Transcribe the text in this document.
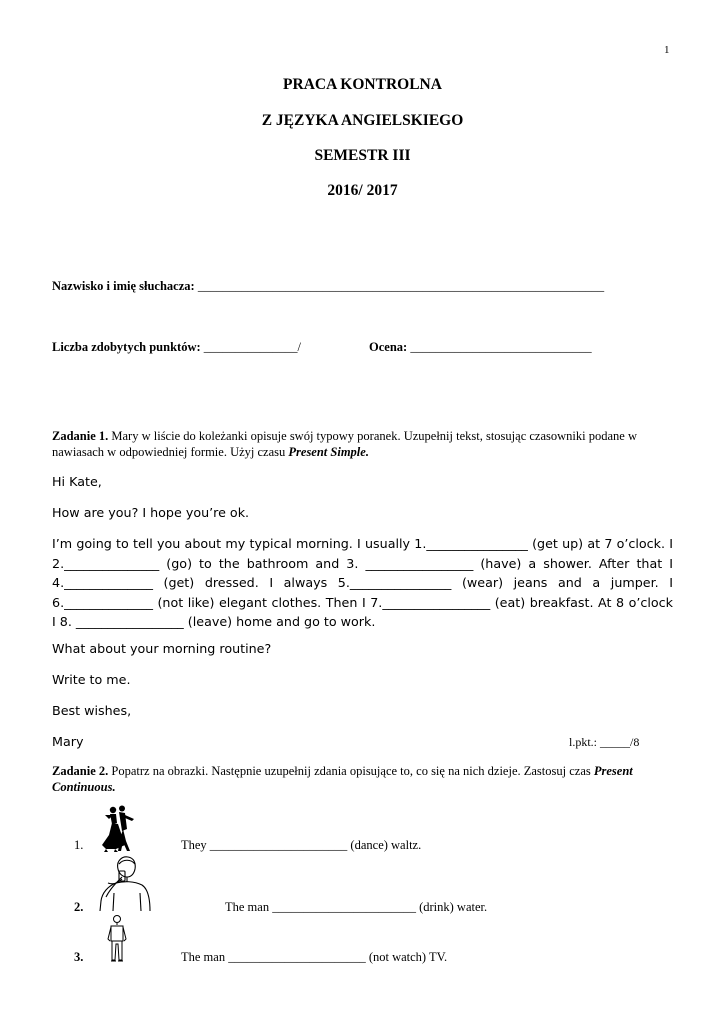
1
PRACA KONTROLNA
Z JĘZYKA ANGIELSKIEGO
SEMESTR III
2016/ 2017
Nazwisko i imię słuchacza: _________________________________________________________________
Liczba zdobytych punktów: _______________/	Ocena: _____________________________
Zadanie 1. Mary w liście do koleżanki opisuje swój typowy poranek. Uzupełnij tekst, stosując czasowniki podane w nawiasach w odpowiedniej formie. Użyj czasu Present Simple.
Hi Kate,
How are you? I hope you’re ok.
I’m going to tell you about my typical morning. I usually 1.________________ (get up) at 7 o’clock. I 2._______________ (go) to the bathroom and 3. _________________ (have) a shower. After that I 4.______________ (get) dressed. I always 5.________________ (wear) jeans and a jumper. I 6.______________ (not like) elegant clothes. Then I 7._________________ (eat) breakfast. At 8 o’clock I 8. _________________ (leave) home and go to work.
What about your morning routine?
Write to me.
Best wishes,
Mary	l.pkt.: _____/8
Zadanie 2. Popatrz na obrazki. Następnie uzupełnij zdania opisujące to, co się na nich dzieje. Zastosuj czas Present Continuous.
1.	They ______________________ (dance) waltz.
2.	The man _______________________ (drink) water.
3.	The man ______________________ (not watch) TV.
